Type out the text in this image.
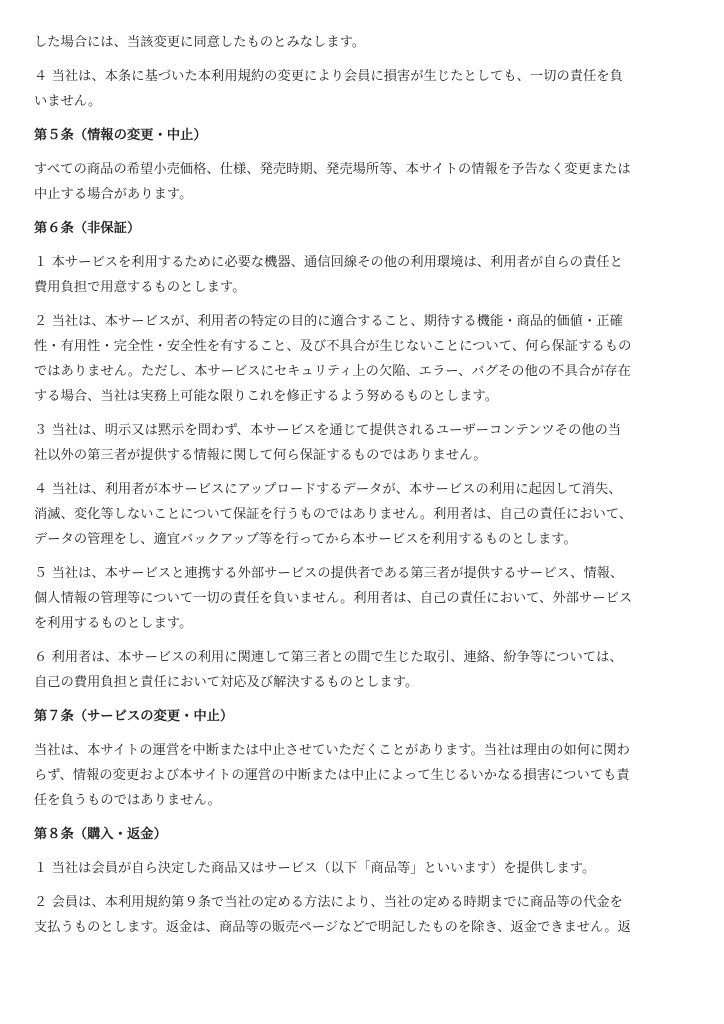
した場合には、当該変更に同意したものとみなします。

４ 当社は、本条に基づいた本利用規約の変更により会員に損害が生じたとしても、一切の責任を負
いません。

第５条（情報の変更・中止）

すべての商品の希望小売価格、仕様、発売時期、発売場所等、本サイトの情報を予告なく変更または
中止する場合があります。

第６条（非保証）

１ 本サービスを利用するために必要な機器、通信回線その他の利用環境は、利用者が自らの責任と
費用負担で用意するものとします。

２ 当社は、本サービスが、利用者の特定の目的に適合すること、期待する機能・商品的価値・正確
性・有用性・完全性・安全性を有すること、及び不具合が生じないことについて、何ら保証するもの
ではありません。ただし、本サービスにセキュリティ上の欠陥、エラー、バグその他の不具合が存在
する場合、当社は実務上可能な限りこれを修正するよう努めるものとします。

３ 当社は、明示又は黙示を問わず、本サービスを通じて提供されるユーザーコンテンツその他の当
社以外の第三者が提供する情報に関して何ら保証するものではありません。

４ 当社は、利用者が本サービスにアップロードするデータが、本サービスの利用に起因して消失、
消滅、変化等しないことについて保証を行うものではありません。利用者は、自己の責任において、
データの管理をし、適宜バックアップ等を行ってから本サービスを利用するものとします。

５ 当社は、本サービスと連携する外部サービスの提供者である第三者が提供するサービス、情報、
個人情報の管理等について一切の責任を負いません。利用者は、自己の責任において、外部サービス
を利用するものとします。

６ 利用者は、本サービスの利用に関連して第三者との間で生じた取引、連絡、紛争等については、
自己の費用負担と責任において対応及び解決するものとします。

第７条（サービスの変更・中止）

当社は、本サイトの運営を中断または中止させていただくことがあります。当社は理由の如何に関わ
らず、情報の変更および本サイトの運営の中断または中止によって生じるいかなる損害についても責
任を負うものではありません。

第８条（購入・返金）

１ 当社は会員が自ら決定した商品又はサービス（以下「商品等」といいます）を提供します。

２ 会員は、本利用規約第９条で当社の定める方法により、当社の定める時期までに商品等の代金を
支払うものとします。返金は、商品等の販売ページなどで明記したものを除き、返金できません。返
